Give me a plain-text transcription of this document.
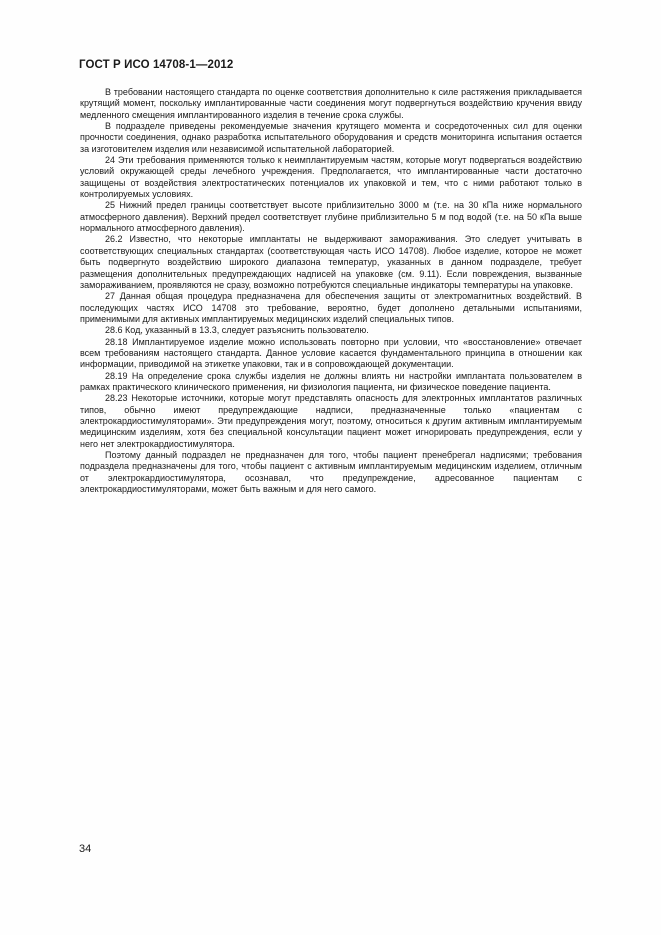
ГОСТ Р ИСО 14708-1—2012

В требовании настоящего стандарта по оценке соответствия дополнительно к силе растяжения прикладывается крутящий момент, поскольку имплантированные части соединения могут подвергнуться воздействию кручения ввиду медленного смещения имплантированного изделия в течение срока службы.

В подразделе приведены рекомендуемые значения крутящего момента и сосредоточенных сил для оценки прочности соединения, однако разработка испытательного оборудования и средств мониторинга испытания остается за изготовителем изделия или независимой испытательной лабораторией.

24 Эти требования применяются только к неимплантируемым частям, которые могут подвергаться воздействию условий окружающей среды лечебного учреждения. Предполагается, что имплантированные части достаточно защищены от воздействия электростатических потенциалов их упаковкой и тем, что с ними работают только в контролируемых условиях.

25 Нижний предел границы соответствует высоте приблизительно 3000 м (т.е. на 30 кПа ниже нормального атмосферного давления). Верхний предел соответствует глубине приблизительно 5 м под водой (т.е. на 50 кПа выше нормального атмосферного давления).

26.2 Известно, что некоторые имплантаты не выдерживают замораживания. Это следует учитывать в соответствующих специальных стандартах (соответствующая часть ИСО 14708). Любое изделие, которое не может быть подвергнуто воздействию широкого диапазона температур, указанных в данном подразделе, требует размещения дополнительных предупреждающих надписей на упаковке (см. 9.11). Если повреждения, вызванные замораживанием, проявляются не сразу, возможно потребуются специальные индикаторы температуры на упаковке.

27 Данная общая процедура предназначена для обеспечения защиты от электромагнитных воздействий. В последующих частях ИСО 14708 это требование, вероятно, будет дополнено детальными испытаниями, применимыми для активных имплантируемых медицинских изделий специальных типов.

28.6 Код, указанный в 13.3, следует разъяснить пользователю.

28.18 Имплантируемое изделие можно использовать повторно при условии, что «восстановление» отвечает всем требованиям настоящего стандарта. Данное условие касается фундаментального принципа в отношении как информации, приводимой на этикетке упаковки, так и в сопровождающей документации.

28.19 На определение срока службы изделия не должны влиять ни настройки имплантата пользователем в рамках практического клинического применения, ни физиология пациента, ни физическое поведение пациента.

28.23 Некоторые источники, которые могут представлять опасность для электронных имплантатов различных типов, обычно имеют предупреждающие надписи, предназначенные только «пациентам с электрокардиостимуляторами». Эти предупреждения могут, поэтому, относиться к другим активным имплантируемым медицинским изделиям, хотя без специальной консультации пациент может игнорировать предупреждения, если у него нет электрокардиостимулятора.

Поэтому данный подраздел не предназначен для того, чтобы пациент пренебрегал надписями; требования подраздела предназначены для того, чтобы пациент с активным имплантируемым медицинским изделием, отличным от электрокардиостимулятора, осознавал, что предупреждение, адресованное пациентам с электрокардиостимуляторами, может быть важным и для него самого.

34
